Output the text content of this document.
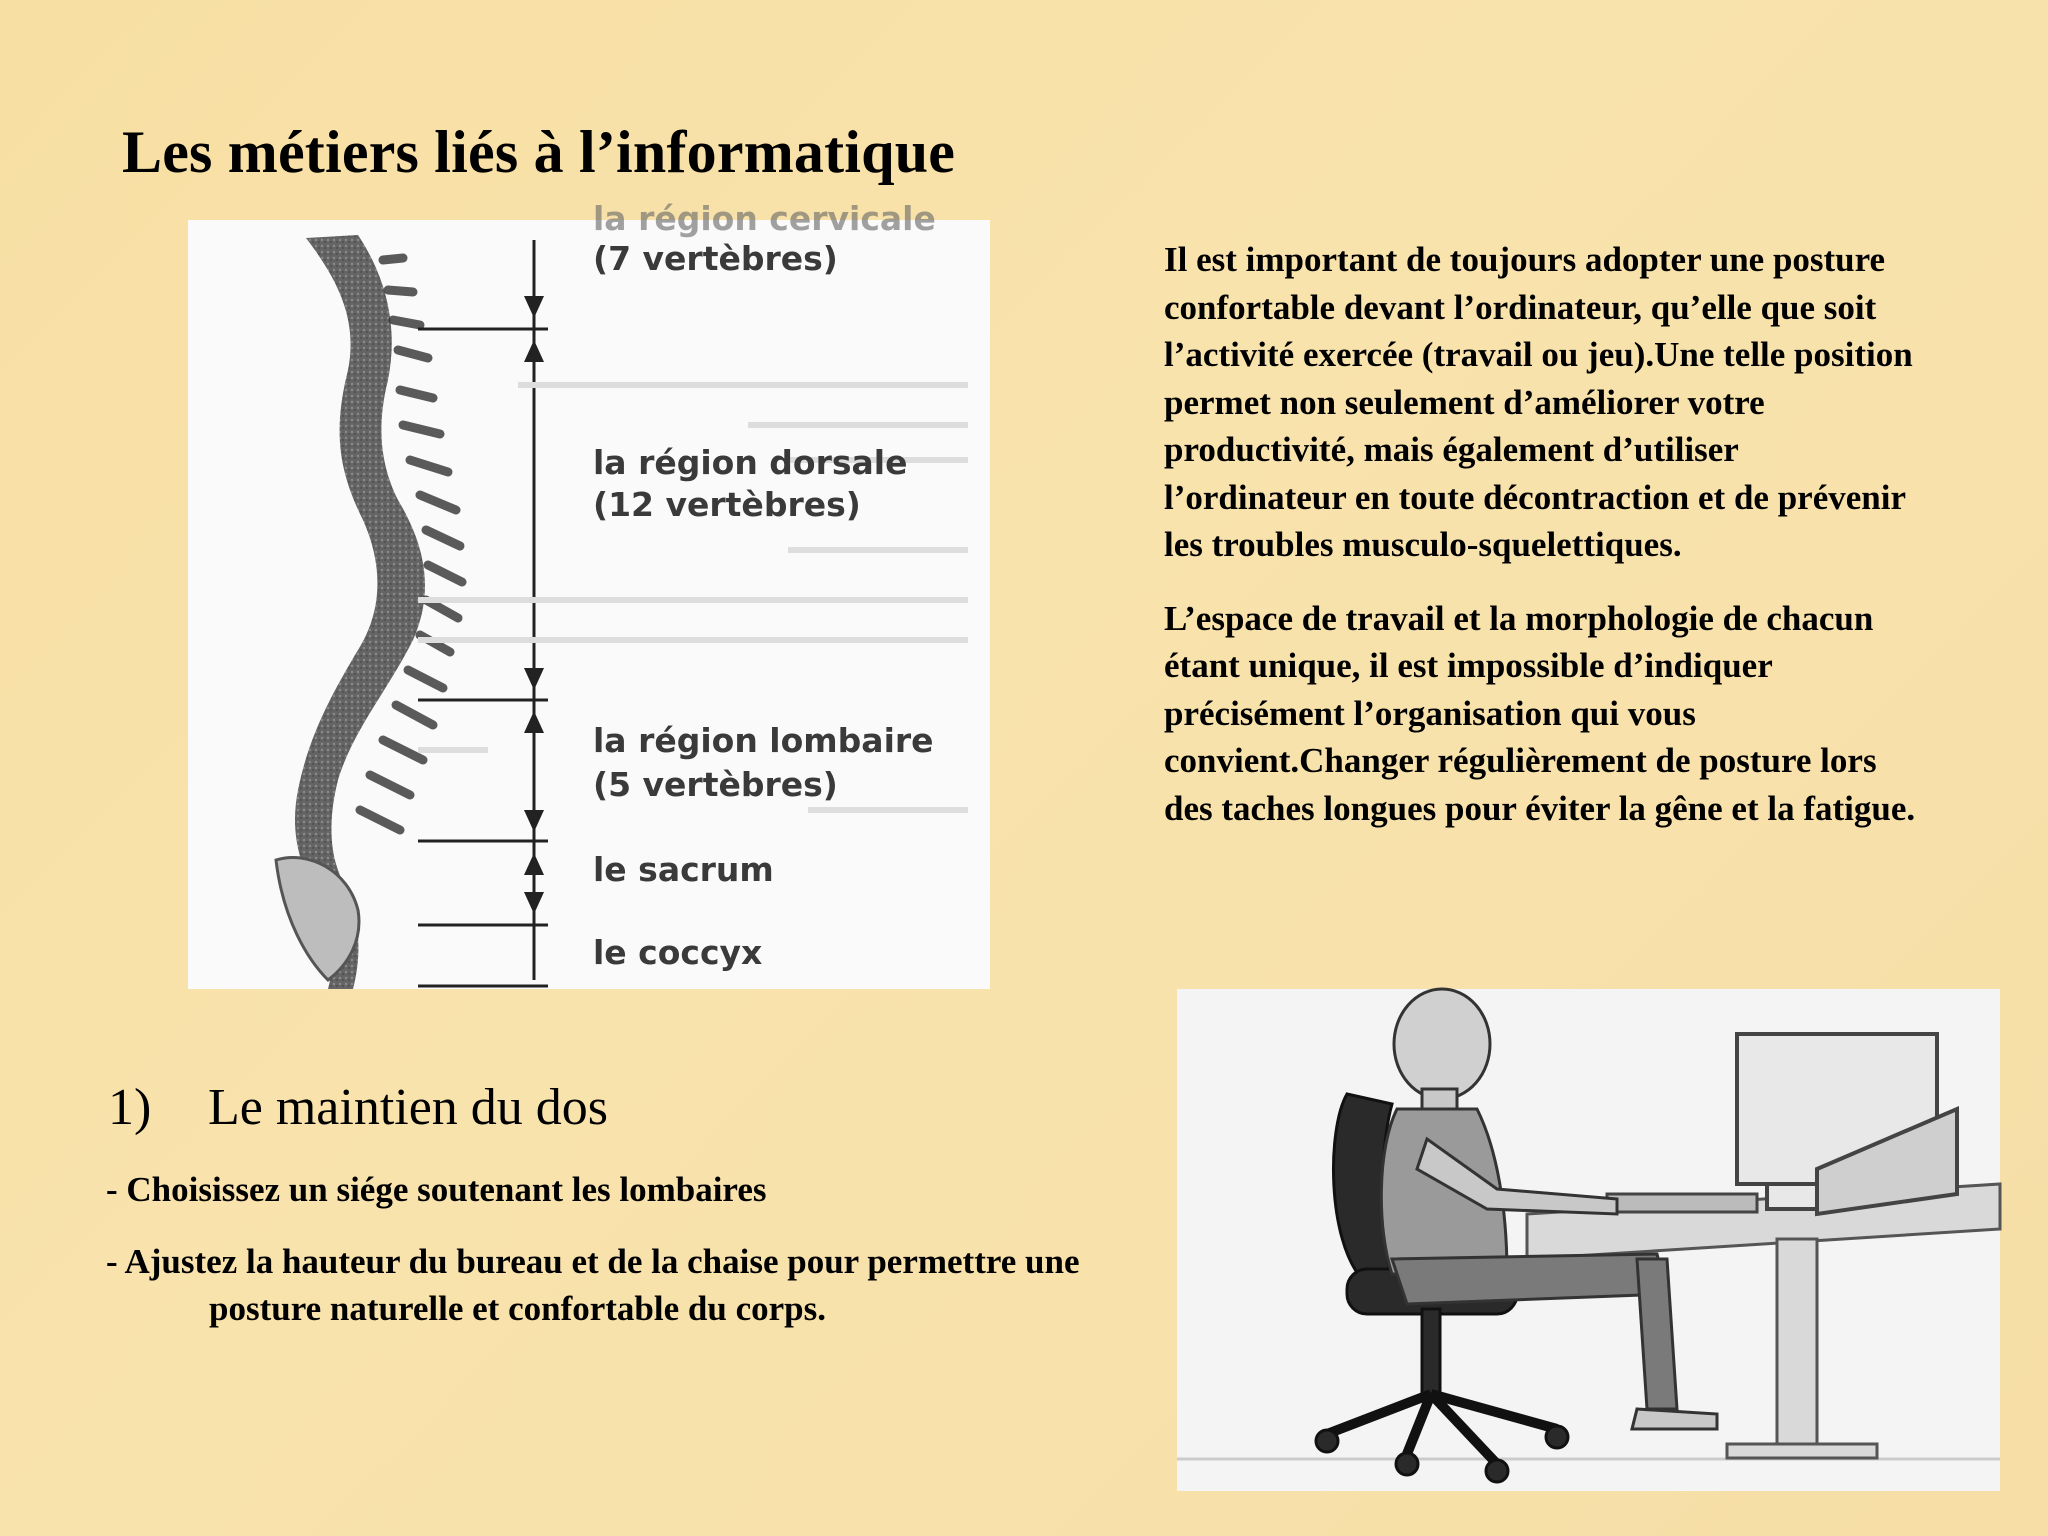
Les métiers liés à l’informatique
la région cervicale
(7 vertèbres)
la région dorsale
(12 vertèbres)
la région lombaire
(5 vertèbres)
le sacrum
le coccyx

Il est important de toujours adopter une posture confortable devant l’ordinateur, qu’elle que soit l’activité exercée (travail ou jeu).Une telle position permet non seulement d’améliorer votre productivité, mais également d’utiliser l’ordinateur en toute décontraction et de prévenir les troubles musculo-squelettiques.

L’espace de travail et la morphologie de chacun étant unique, il est impossible d’indiquer précisément l’organisation qui vous convient.Changer régulièrement de posture lors des taches longues pour éviter la gêne et la fatigue.

1) Le maintien du dos
- Choisissez un siége soutenant les lombaires
- Ajustez la hauteur du bureau et de la chaise pour permettre une posture naturelle et confortable du corps.
